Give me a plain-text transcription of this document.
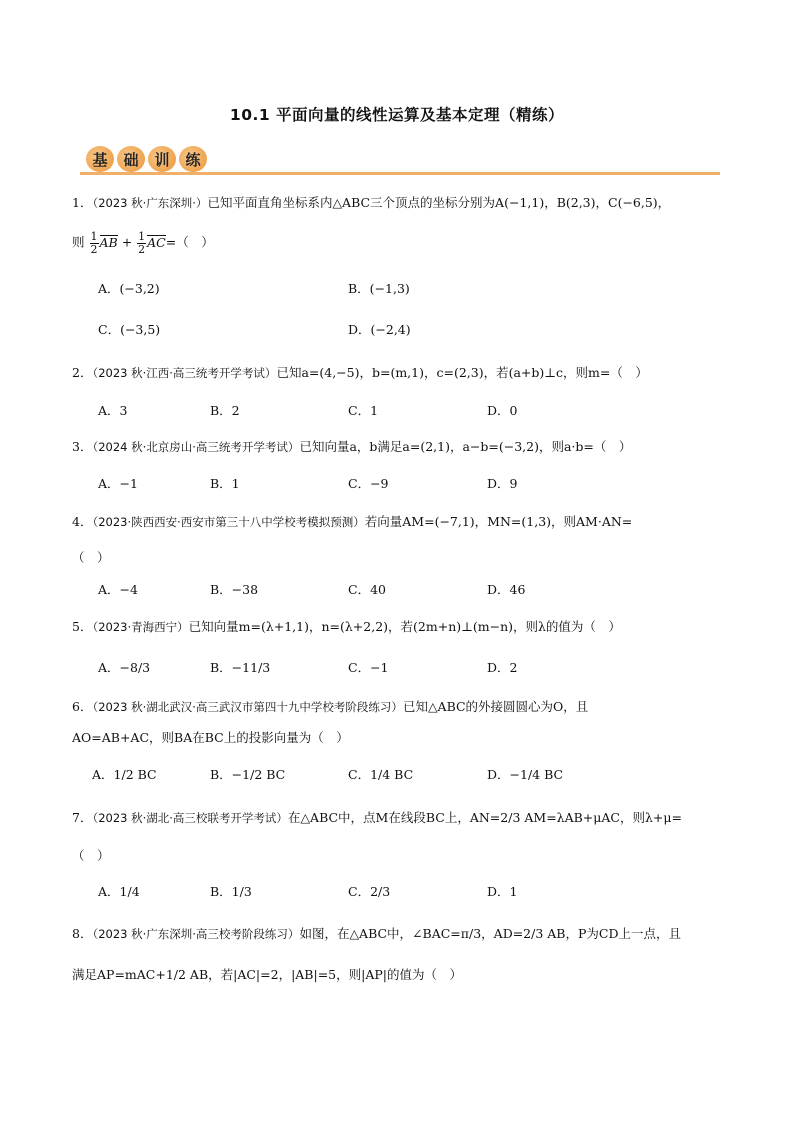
10.1 平面向量的线性运算及基本定理（精练）
基	础	训	练
1．（2023 秋·广东深圳·）已知平面直角坐标系内△ABC三个顶点的坐标分别为A(−1,1)，B(2,3)，C(−6,5)，
则 $\frac{1}{2}$ AB + $\frac{1}{2} AC=$（　）
A．(−3,2)	B．(−1,3)
C．(−3,5)	D．(−2,4)
2．（2023 秋·江西·高三统考开学考试）已知a=(4,−5)，b=(m,1)，c=(2,3)，若(a+b)⊥c，则m=（　）
A．3	B．2	C．1	D．0
3．（2024 秋·北京房山·高三统考开学考试）已知向量a，b满足a=(2,1)，a−b=(−3,2)，则a·b=（　）
A．−1	B．1	C．−9	D．9
4．（2023·陕西西安·西安市第三十八中学校考模拟预测）若向量AM=(−7,1)，MN=(1,3)，则AM·AN=
（　）
A．−4	B．−38	C．40	D．46
5．（2023·青海西宁）已知向量m=(λ+1,1)，n=(λ+2,2)，若(2m+n)⊥(m−n)，则λ的值为（　）
A．−8/3	B．−11/3	C．−1	D．2
6．（2023 秋·湖北武汉·高三武汉市第四十九中学校考阶段练习）已知△ABC的外接圆圆心为O，且
AO=AB+AC，则BA在BC上的投影向量为（　）
A．1/2 BC	B．−1/2 BC	C．1/4 BC	D．−1/4 BC
7．（2023 秋·湖北·高三校联考开学考试）在△ABC中，点M在线段BC上，AN=2/3 AM=λAB+μAC，则λ+μ=
（　）
A．1/4	B．1/3	C．2/3	D．1
8．（2023 秋·广东深圳·高三校考阶段练习）如图，在△ABC中，∠BAC=π/3，AD=2/3 AB，P为CD上一点，且
满足AP=mAC+1/2 AB，若|AC|=2，|AB|=5，则|AP|的值为（　）
